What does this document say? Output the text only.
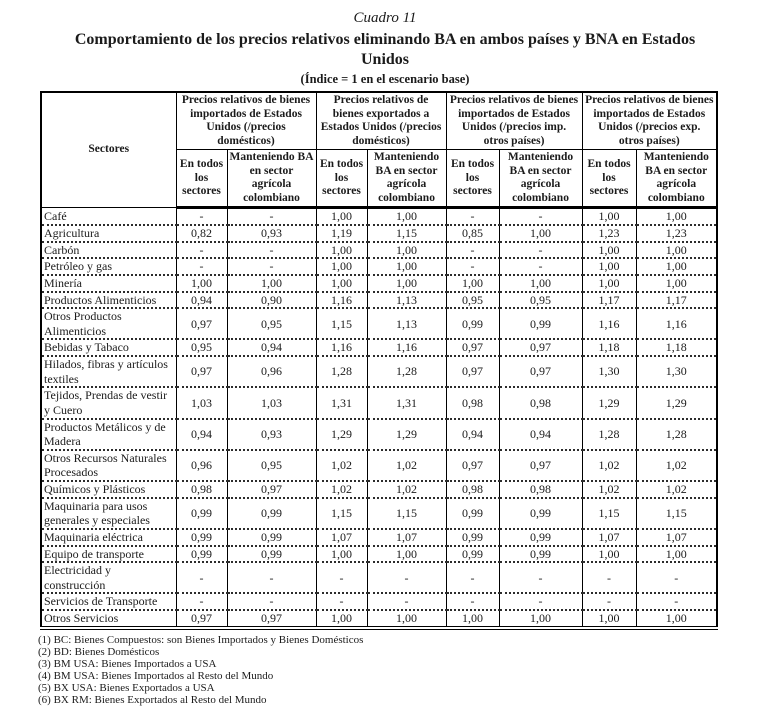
Cuadro 11
Comportamiento de los precios relativos eliminando BA en ambos países y BNA en Estados Unidos
(Índice = 1 en el escenario base)
Sectores	Precios relativos de bienes importados de Estados Unidos (/precios domésticos)		Precios relativos de bienes exportados a Estados Unidos (/precios domésticos)		Precios relativos de bienes importados de Estados Unidos (/precios imp. otros países)		Precios relativos de bienes importados de Estados Unidos (/precios exp. otros países)	
	En todos los sectores	Manteniendo BA en sector agrícola colombiano	En todos los sectores	Manteniendo BA en sector agrícola colombiano	En todos los sectores	Manteniendo BA en sector agrícola colombiano	En todos los sectores	Manteniendo BA en sector agrícola colombiano
Café	-	-	1,00	1,00	-	-	1,00	1,00
Agricultura	0,82	0,93	1,19	1,15	0,85	1,00	1,23	1,23
Carbón	-	-	1,00	1,00	-	-	1,00	1,00
Petróleo y gas	-	-	1,00	1,00	-	-	1,00	1,00
Minería	1,00	1,00	1,00	1,00	1,00	1,00	1,00	1,00
Productos Alimenticios	0,94	0,90	1,16	1,13	0,95	0,95	1,17	1,17
Otros Productos Alimenticios	0,97	0,95	1,15	1,13	0,99	0,99	1,16	1,16
Bebidas y Tabaco	0,95	0,94	1,16	1,16	0,97	0,97	1,18	1,18
Hilados, fibras y artículos textiles	0,97	0,96	1,28	1,28	0,97	0,97	1,30	1,30
Tejidos, Prendas de vestir y Cuero	1,03	1,03	1,31	1,31	0,98	0,98	1,29	1,29
Productos Metálicos y de Madera	0,94	0,93	1,29	1,29	0,94	0,94	1,28	1,28
Otros Recursos Naturales Procesados	0,96	0,95	1,02	1,02	0,97	0,97	1,02	1,02
Químicos y Plásticos	0,98	0,97	1,02	1,02	0,98	0,98	1,02	1,02
Maquinaria para usos generales y especiales	0,99	0,99	1,15	1,15	0,99	0,99	1,15	1,15
Maquinaria eléctrica	0,99	0,99	1,07	1,07	0,99	0,99	1,07	1,07
Equipo de transporte	0,99	0,99	1,00	1,00	0,99	0,99	1,00	1,00
Electricidad y construcción	-	-	-	-	-	-	-	-
Servicios de Transporte	-	-	-	-	-	-	-	-
Otros Servicios	0,97	0,97	1,00	1,00	1,00	1,00	1,00	1,00
(1) BC: Bienes Compuestos: son Bienes Importados y Bienes Domésticos
(2) BD: Bienes Domésticos
(3) BM USA: Bienes Importados a USA
(4) BM USA: Bienes Importados al Resto del Mundo
(5) BX USA: Bienes Exportados a USA
(6) BX RM: Bienes Exportados al Resto del Mundo
